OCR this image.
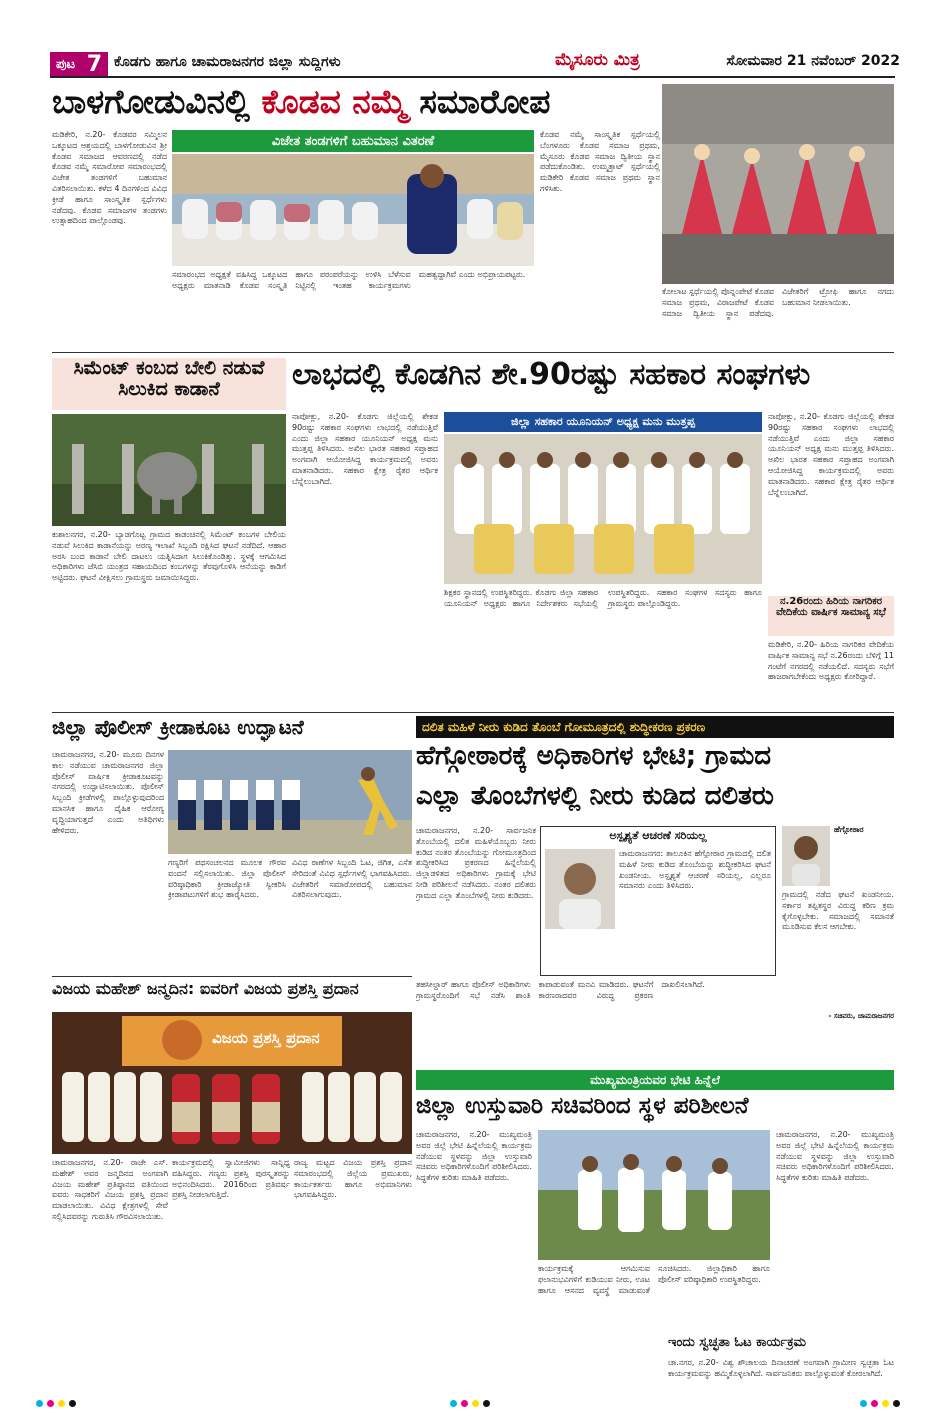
ಪುಟ 7 ಕೊಡಗು ಹಾಗೂ ಚಾಮರಾಜನಗರ ಜಿಲ್ಲಾ ಸುದ್ದಿಗಳು	ಮೈಸೂರು ಮಿತ್ರ	ಸೋಮವಾರ 21 ನವೆಂಬರ್ 2022
ಬಾಳಗೋಡುವಿನಲ್ಲಿ ಕೊಡವ ನಮ್ಮೆ ಸಮಾರೋಪ
ಮಡಿಕೇರಿ, ನ.20- ಕೊಡವರ ಸಮ್ಮಿಲನ ಒಕ್ಕೂಟದ ಆಶ್ರಯದಲ್ಲಿ ಬಾಳಗೋಡುವಿನ ಶ್ರೀ ಕೊಡವ ಸಮಾಜದ ಆವರಣದಲ್ಲಿ ನಡೆದ ಕೊಡವ ನಮ್ಮೆ ಸಮಾರೋಪ ಸಮಾರಂಭದಲ್ಲಿ ವಿಜೇತ ತಂಡಗಳಿಗೆ ಬಹುಮಾನ ವಿತರಿಸಲಾಯಿತು. ಕಳೆದ 4 ದಿನಗಳಿಂದ ವಿವಿಧ ಕ್ರೀಡೆ ಹಾಗೂ ಸಾಂಸ್ಕೃತಿಕ ಸ್ಪರ್ಧೆಗಳು ನಡೆದವು. ಕೊಡವ ಸಮಾಜಗಳ ತಂಡಗಳು ಉತ್ಸಾಹದಿಂದ ಪಾಲ್ಗೊಂಡವು.
ವಿಜೇತ ತಂಡಗಳಿಗೆ ಬಹುಮಾನ ವಿತರಣೆ
ಸಮಾರಂಭದ ಅಧ್ಯಕ್ಷತೆ ವಹಿಸಿದ್ದ ಒಕ್ಕೂಟದ ಅಧ್ಯಕ್ಷರು ಮಾತನಾಡಿ ಕೊಡವ ಸಂಸ್ಕೃತಿ ಹಾಗೂ ಪರಂಪರೆಯನ್ನು ಉಳಿಸಿ ಬೆಳೆಸುವ ನಿಟ್ಟಿನಲ್ಲಿ ಇಂತಹ ಕಾರ್ಯಕ್ರಮಗಳು ಮಹತ್ವದ್ದಾಗಿವೆ ಎಂದು ಅಭಿಪ್ರಾಯಪಟ್ಟರು.
ಕೊಡವ ನಮ್ಮೆ ಸಾಂಸ್ಕೃತಿಕ ಸ್ಪರ್ಧೆಯಲ್ಲಿ ಬೆಂಗಳೂರು ಕೊಡವ ಸಮಾಜ ಪ್ರಥಮ, ಮೈಸೂರು ಕೊಡವ ಸಮಾಜ ದ್ವಿತೀಯ ಸ್ಥಾನ ಪಡೆದುಕೊಂಡಿತು. ಉಮ್ಮತ್ತಾಟ್ ಸ್ಪರ್ಧೆಯಲ್ಲಿ ಮಡಿಕೇರಿ ಕೊಡವ ಸಮಾಜ ಪ್ರಥಮ ಸ್ಥಾನ ಗಳಿಸಿತು.
ಕೋಲಾಟ ಸ್ಪರ್ಧೆಯಲ್ಲಿ ಪೊನ್ನಂಪೇಟೆ ಕೊಡವ ಸಮಾಜ ಪ್ರಥಮ, ವಿರಾಜಪೇಟೆ ಕೊಡವ ಸಮಾಜ ದ್ವಿತೀಯ ಸ್ಥಾನ ಪಡೆದವು. ವಿಜೇತರಿಗೆ ಟ್ರೋಫಿ ಹಾಗೂ ನಗದು ಬಹುಮಾನ ನೀಡಲಾಯಿತು.
ಸಿಮೆಂಟ್ ಕಂಬದ ಬೇಲಿ ನಡುವೆ ಸಿಲುಕಿದ ಕಾಡಾನೆ
ಕುಶಾಲನಗರ, ನ.20- ಬ್ಯಾಡಗೊಟ್ಟ ಗ್ರಾಮದ ಕಾಡಂಚಿನಲ್ಲಿ ಸಿಮೆಂಟ್ ಕಂಬಗಳ ಬೇಲಿಯ ನಡುವೆ ಸಿಲುಕಿದ ಕಾಡಾನೆಯನ್ನು ಅರಣ್ಯ ಇಲಾಖೆ ಸಿಬ್ಬಂದಿ ರಕ್ಷಿಸಿದ ಘಟನೆ ನಡೆದಿದೆ. ಆಹಾರ ಅರಸಿ ಬಂದ ಕಾಡಾನೆ ಬೇಲಿ ದಾಟಲು ಯತ್ನಿಸಿದಾಗ ಸಿಲುಕಿಕೊಂಡಿತ್ತು. ಸ್ಥಳಕ್ಕೆ ಆಗಮಿಸಿದ ಅಧಿಕಾರಿಗಳು ಜೆಸಿಬಿ ಯಂತ್ರದ ಸಹಾಯದಿಂದ ಕಂಬಗಳನ್ನು ತೆರವುಗೊಳಿಸಿ ಆನೆಯನ್ನು ಕಾಡಿಗೆ ಅಟ್ಟಿದರು. ಘಟನೆ ವೀಕ್ಷಿಸಲು ಗ್ರಾಮಸ್ಥರು ಜಮಾಯಿಸಿದ್ದರು.
ಲಾಭದಲ್ಲಿ ಕೊಡಗಿನ ಶೇ.90ರಷ್ಟು ಸಹಕಾರ ಸಂಘಗಳು
ನಾಪೋಕ್ಲು, ನ.20- ಕೊಡಗು ಜಿಲ್ಲೆಯಲ್ಲಿ ಶೇಕಡ 90ರಷ್ಟು ಸಹಕಾರ ಸಂಘಗಳು ಲಾಭದಲ್ಲಿ ನಡೆಯುತ್ತಿವೆ ಎಂದು ಜಿಲ್ಲಾ ಸಹಕಾರ ಯೂನಿಯನ್ ಅಧ್ಯಕ್ಷ ಮನು ಮುತ್ತಪ್ಪ ತಿಳಿಸಿದರು. ಅಖಿಲ ಭಾರತ ಸಹಕಾರ ಸಪ್ತಾಹದ ಅಂಗವಾಗಿ ಆಯೋಜಿಸಿದ್ದ ಕಾರ್ಯಕ್ರಮದಲ್ಲಿ ಅವರು ಮಾತನಾಡಿದರು. ಸಹಕಾರ ಕ್ಷೇತ್ರ ರೈತರ ಆರ್ಥಿಕ ಬೆನ್ನೆಲುಬಾಗಿದೆ.
ಜಿಲ್ಲಾ ಸಹಕಾರ ಯೂನಿಯನ್ ಅಧ್ಯಕ್ಷ ಮನು ಮುತ್ತಪ್ಪ
ಶಿಕ್ಷಕರ ಸ್ಥಾನದಲ್ಲಿ ಉಪಸ್ಥಿತರಿದ್ದರು. ಕೊಡಗು ಜಿಲ್ಲಾ ಸಹಕಾರ ಯೂನಿಯನ್ ಅಧ್ಯಕ್ಷರು ಹಾಗೂ ನಿರ್ದೇಶಕರು ಸಭೆಯಲ್ಲಿ ಉಪಸ್ಥಿತರಿದ್ದರು. ಸಹಕಾರ ಸಂಘಗಳ ಸದಸ್ಯರು ಹಾಗೂ ಗ್ರಾಮಸ್ಥರು ಪಾಲ್ಗೊಂಡಿದ್ದರು.
ನಾಪೋಕ್ಲು, ನ.20- ಕೊಡಗು ಜಿಲ್ಲೆಯಲ್ಲಿ ಶೇಕಡ 90ರಷ್ಟು ಸಹಕಾರ ಸಂಘಗಳು ಲಾಭದಲ್ಲಿ ನಡೆಯುತ್ತಿವೆ ಎಂದು ಜಿಲ್ಲಾ ಸಹಕಾರ ಯೂನಿಯನ್ ಅಧ್ಯಕ್ಷ ಮನು ಮುತ್ತಪ್ಪ ತಿಳಿಸಿದರು. ಅಖಿಲ ಭಾರತ ಸಹಕಾರ ಸಪ್ತಾಹದ ಅಂಗವಾಗಿ ಆಯೋಜಿಸಿದ್ದ ಕಾರ್ಯಕ್ರಮದಲ್ಲಿ ಅವರು ಮಾತನಾಡಿದರು. ಸಹಕಾರ ಕ್ಷೇತ್ರ ರೈತರ ಆರ್ಥಿಕ ಬೆನ್ನೆಲುಬಾಗಿದೆ.
ನ.26ರಂದು ಹಿರಿಯ ನಾಗರಿಕರ ವೇದಿಕೆಯ ವಾರ್ಷಿಕ ಸಾಮಾನ್ಯ ಸಭೆ
ಮಡಿಕೇರಿ, ನ.20- ಹಿರಿಯ ನಾಗರಿಕರ ವೇದಿಕೆಯ ವಾರ್ಷಿಕ ಸಾಮಾನ್ಯ ಸಭೆ ನ.26ರಂದು ಬೆಳಿಗ್ಗೆ 11 ಗಂಟೆಗೆ ನಗರದಲ್ಲಿ ನಡೆಯಲಿದೆ. ಸದಸ್ಯರು ಸಭೆಗೆ ಹಾಜರಾಗಬೇಕೆಂದು ಅಧ್ಯಕ್ಷರು ಕೋರಿದ್ದಾರೆ.
ಜಿಲ್ಲಾ ಪೊಲೀಸ್ ಕ್ರೀಡಾಕೂಟ ಉದ್ಘಾಟನೆ
ಚಾಮರಾಜನಗರ, ನ.20- ಮೂರು ದಿನಗಳ ಕಾಲ ನಡೆಯುವ ಚಾಮರಾಜನಗರ ಜಿಲ್ಲಾ ಪೊಲೀಸ್ ವಾರ್ಷಿಕ ಕ್ರೀಡಾಕೂಟವನ್ನು ನಗರದಲ್ಲಿ ಉದ್ಘಾಟಿಸಲಾಯಿತು. ಪೊಲೀಸ್ ಸಿಬ್ಬಂದಿ ಕ್ರೀಡೆಗಳಲ್ಲಿ ಪಾಲ್ಗೊಳ್ಳುವುದರಿಂದ ಮಾನಸಿಕ ಹಾಗೂ ದೈಹಿಕ ಆರೋಗ್ಯ ವೃದ್ಧಿಯಾಗುತ್ತದೆ ಎಂದು ಅತಿಥಿಗಳು ಹೇಳಿದರು.
ಗಣ್ಯರಿಗೆ ಪಥಸಂಚಲನದ ಮೂಲಕ ಗೌರವ ವಂದನೆ ಸಲ್ಲಿಸಲಾಯಿತು. ಜಿಲ್ಲಾ ಪೊಲೀಸ್ ವರಿಷ್ಠಾಧಿಕಾರಿ ಕ್ರೀಡಾಜ್ಯೋತಿ ಸ್ವೀಕರಿಸಿ ಕ್ರೀಡಾಪಟುಗಳಿಗೆ ಶುಭ ಹಾರೈಸಿದರು.
ವಿವಿಧ ಠಾಣೆಗಳ ಸಿಬ್ಬಂದಿ ಓಟ, ಜಿಗಿತ, ಎಸೆತ ಸೇರಿದಂತೆ ವಿವಿಧ ಸ್ಪರ್ಧೆಗಳಲ್ಲಿ ಭಾಗವಹಿಸಿದರು. ವಿಜೇತರಿಗೆ ಸಮಾರೋಪದಲ್ಲಿ ಬಹುಮಾನ ವಿತರಿಸಲಾಗುವುದು.
ದಲಿತ ಮಹಿಳೆ ನೀರು ಕುಡಿದ ತೊಂಬೆ ಗೋಮೂತ್ರದಲ್ಲಿ ಶುದ್ಧೀಕರಣ ಪ್ರಕರಣ
ಹೆಗ್ಗೋಠಾರಕ್ಕೆ ಅಧಿಕಾರಿಗಳ ಭೇಟಿ; ಗ್ರಾಮದ
ಎಲ್ಲಾ ತೊಂಬೆಗಳಲ್ಲಿ ನೀರು ಕುಡಿದ ದಲಿತರು
ಅಸ್ಪೃಶ್ಯತೆ ಆಚರಣೆ ಸರಿಯಲ್ಲ
ಚಾಮರಾಜನಗರ: ತಾಲೂಕಿನ ಹೆಗ್ಗೋಠಾರ ಗ್ರಾಮದಲ್ಲಿ ದಲಿತ ಮಹಿಳೆ ನೀರು ಕುಡಿದ ತೊಂಬೆಯನ್ನು ಶುದ್ಧೀಕರಿಸಿದ ಘಟನೆ ಖಂಡನೀಯ. ಅಸ್ಪೃಶ್ಯತೆ ಆಚರಣೆ ಸರಿಯಲ್ಲ, ಎಲ್ಲರೂ ಸಮಾನರು ಎಂದು ತಿಳಿಸಿದರು.
ಚಾಮರಾಜನಗರ, ನ.20- ಸಾರ್ವಜನಿಕ ತೊಂಬೆಯಲ್ಲಿ ದಲಿತ ಮಹಿಳೆಯೊಬ್ಬರು ನೀರು ಕುಡಿದ ನಂತರ ತೊಂಬೆಯನ್ನು ಗೋಮೂತ್ರದಿಂದ ಶುದ್ಧೀಕರಿಸಿದ ಪ್ರಕರಣದ ಹಿನ್ನೆಲೆಯಲ್ಲಿ ಜಿಲ್ಲಾಡಳಿತದ ಅಧಿಕಾರಿಗಳು ಗ್ರಾಮಕ್ಕೆ ಭೇಟಿ ನೀಡಿ ಪರಿಶೀಲನೆ ನಡೆಸಿದರು. ನಂತರ ದಲಿತರು ಗ್ರಾಮದ ಎಲ್ಲಾ ತೊಂಬೆಗಳಲ್ಲಿ ನೀರು ಕುಡಿದರು.
ತಹಸೀಲ್ದಾರ್ ಹಾಗೂ ಪೊಲೀಸ್ ಅಧಿಕಾರಿಗಳು ಗ್ರಾಮಸ್ಥರೊಂದಿಗೆ ಸಭೆ ನಡೆಸಿ ಶಾಂತಿ ಕಾಪಾಡುವಂತೆ ಮನವಿ ಮಾಡಿದರು. ಘಟನೆಗೆ ಕಾರಣರಾದವರ ವಿರುದ್ಧ ಪ್ರಕರಣ ದಾಖಲಿಸಲಾಗಿದೆ.
ಹೆಗ್ಗೋಠಾರ
ಗ್ರಾಮದಲ್ಲಿ ನಡೆದ ಘಟನೆ ಖಂಡನೀಯ. ಸರ್ಕಾರ ತಪ್ಪಿತಸ್ಥರ ವಿರುದ್ಧ ಕಠಿಣ ಕ್ರಮ ಕೈಗೊಳ್ಳಬೇಕು. ಸಮಾಜದಲ್ಲಿ ಸಮಾನತೆ ಮೂಡಿಸುವ ಕೆಲಸ ಆಗಬೇಕು.
- ಸಚಿವರು, ಚಾಮರಾಜನಗರ
ವಿಜಯ ಮಹೇಶ್ ಜನ್ಮದಿನ: ಐವರಿಗೆ ವಿಜಯ ಪ್ರಶಸ್ತಿ ಪ್ರದಾನ
ವಿಜಯ ಪ್ರಶಸ್ತಿ ಪ್ರದಾನ
ಚಾಮರಾಜನಗರ, ನ.20- ರಾಜೇ ಎಸ್. ಮಹೇಶ್ ಅವರ ಜನ್ಮದಿನದ ಅಂಗವಾಗಿ ವಿಜಯ ಮಹೇಶ್ ಪ್ರತಿಷ್ಠಾನದ ವತಿಯಿಂದ ಐವರು ಸಾಧಕರಿಗೆ ವಿಜಯ ಪ್ರಶಸ್ತಿ ಪ್ರದಾನ ಮಾಡಲಾಯಿತು. ವಿವಿಧ ಕ್ಷೇತ್ರಗಳಲ್ಲಿ ಸೇವೆ ಸಲ್ಲಿಸಿದವರನ್ನು ಗುರುತಿಸಿ ಗೌರವಿಸಲಾಯಿತು.
ಕಾರ್ಯಕ್ರಮದಲ್ಲಿ ಸ್ವಾಮೀಜಿಗಳು ಸಾನ್ನಿಧ್ಯ ವಹಿಸಿದ್ದರು. ಗಣ್ಯರು ಪ್ರಶಸ್ತಿ ಪುರಸ್ಕೃತರನ್ನು ಅಭಿನಂದಿಸಿದರು. 2016ರಿಂದ ಪ್ರತಿವರ್ಷ ಪ್ರಶಸ್ತಿ ನೀಡಲಾಗುತ್ತಿದೆ.
ರಾಜ್ಯ ಮಟ್ಟದ ವಿಜಯ ಪ್ರಶಸ್ತಿ ಪ್ರದಾನ ಸಮಾರಂಭದಲ್ಲಿ ಜಿಲ್ಲೆಯ ಪ್ರಮುಖರು, ಕಾರ್ಯಕರ್ತರು ಹಾಗೂ ಅಭಿಮಾನಿಗಳು ಭಾಗವಹಿಸಿದ್ದರು.
ಮುಖ್ಯಮಂತ್ರಿಯವರ ಭೇಟಿ ಹಿನ್ನೆಲೆ
ಜಿಲ್ಲಾ ಉಸ್ತುವಾರಿ ಸಚಿವರಿಂದ ಸ್ಥಳ ಪರಿಶೀಲನೆ
ಚಾಮರಾಜನಗರ, ನ.20- ಮುಖ್ಯಮಂತ್ರಿ ಅವರ ಜಿಲ್ಲೆ ಭೇಟಿ ಹಿನ್ನೆಲೆಯಲ್ಲಿ ಕಾರ್ಯಕ್ರಮ ನಡೆಯುವ ಸ್ಥಳವನ್ನು ಜಿಲ್ಲಾ ಉಸ್ತುವಾರಿ ಸಚಿವರು ಅಧಿಕಾರಿಗಳೊಂದಿಗೆ ಪರಿಶೀಲಿಸಿದರು. ಸಿದ್ಧತೆಗಳ ಕುರಿತು ಮಾಹಿತಿ ಪಡೆದರು.
ಕಾರ್ಯಕ್ರಮಕ್ಕೆ ಆಗಮಿಸುವ ಫಲಾನುಭವಿಗಳಿಗೆ ಕುಡಿಯುವ ನೀರು, ಊಟ ಹಾಗೂ ಆಸನದ ವ್ಯವಸ್ಥೆ ಮಾಡುವಂತೆ ಸೂಚಿಸಿದರು. ಜಿಲ್ಲಾಧಿಕಾರಿ ಹಾಗೂ ಪೊಲೀಸ್ ವರಿಷ್ಠಾಧಿಕಾರಿ ಉಪಸ್ಥಿತರಿದ್ದರು.
ಚಾಮರಾಜನಗರ, ನ.20- ಮುಖ್ಯಮಂತ್ರಿ ಅವರ ಜಿಲ್ಲೆ ಭೇಟಿ ಹಿನ್ನೆಲೆಯಲ್ಲಿ ಕಾರ್ಯಕ್ರಮ ನಡೆಯುವ ಸ್ಥಳವನ್ನು ಜಿಲ್ಲಾ ಉಸ್ತುವಾರಿ ಸಚಿವರು ಅಧಿಕಾರಿಗಳೊಂದಿಗೆ ಪರಿಶೀಲಿಸಿದರು. ಸಿದ್ಧತೆಗಳ ಕುರಿತು ಮಾಹಿತಿ ಪಡೆದರು.
ಇಂದು ಸ್ವಚ್ಛತಾ ಓಟ ಕಾರ್ಯಕ್ರಮ
ಚಾ.ನಗರ, ನ.20- ವಿಶ್ವ ಶೌಚಾಲಯ ದಿನಾಚರಣೆ ಅಂಗವಾಗಿ ಗ್ರಾಮೀಣ ಸ್ವಚ್ಛತಾ ಓಟ ಕಾರ್ಯಕ್ರಮವನ್ನು ಹಮ್ಮಿಕೊಳ್ಳಲಾಗಿದೆ. ಸಾರ್ವಜನಿಕರು ಪಾಲ್ಗೊಳ್ಳುವಂತೆ ಕೋರಲಾಗಿದೆ.
